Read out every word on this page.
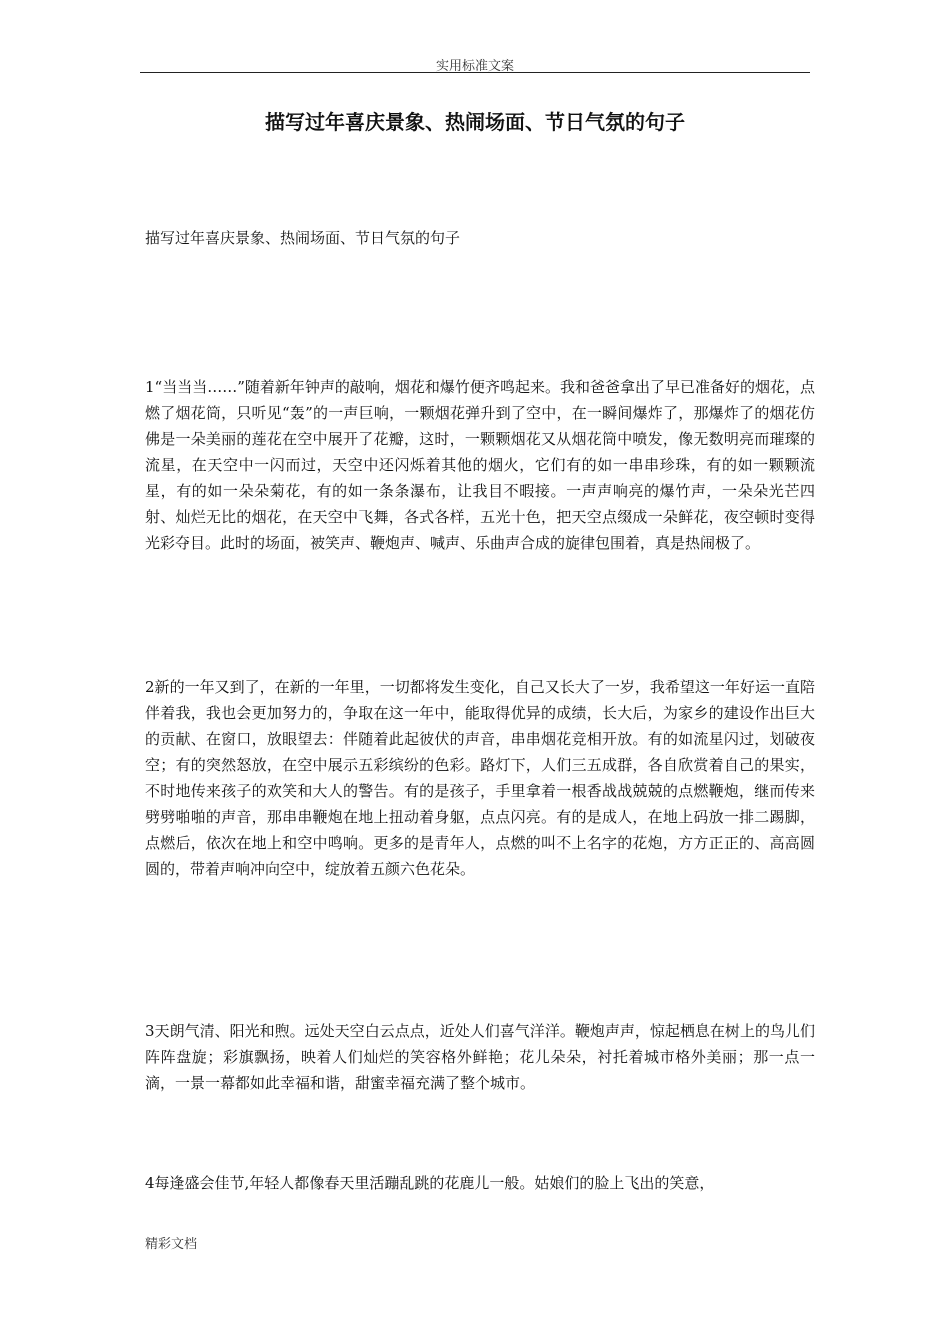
实用标准文案
描写过年喜庆景象、热闹场面、节日气氛的句子

描写过年喜庆景象、热闹场面、节日气氛的句子

1“当当当……”随着新年钟声的敲响，烟花和爆竹便齐鸣起来。我和爸爸拿出了早已准备好的烟花，点燃了烟花筒，只听见“轰”的一声巨响，一颗烟花弹升到了空中，在一瞬间爆炸了，那爆炸了的烟花仿佛是一朵美丽的莲花在空中展开了花瓣，这时，一颗颗烟花又从烟花筒中喷发，像无数明亮而璀璨的流星，在天空中一闪而过，天空中还闪烁着其他的烟火，它们有的如一串串珍珠，有的如一颗颗流星，有的如一朵朵菊花，有的如一条条瀑布，让我目不暇接。一声声响亮的爆竹声，一朵朵光芒四射、灿烂无比的烟花，在天空中飞舞，各式各样，五光十色，把天空点缀成一朵鲜花，夜空顿时变得光彩夺目。此时的场面，被笑声、鞭炮声、喊声、乐曲声合成的旋律包围着，真是热闹极了。

2新的一年又到了，在新的一年里，一切都将发生变化，自己又长大了一岁，我希望这一年好运一直陪伴着我，我也会更加努力的，争取在这一年中，能取得优异的成绩，长大后，为家乡的建设作出巨大的贡献、在窗口，放眼望去：伴随着此起彼伏的声音，串串烟花竞相开放。有的如流星闪过，划破夜空；有的突然怒放，在空中展示五彩缤纷的色彩。路灯下，人们三五成群，各自欣赏着自己的果实，不时地传来孩子的欢笑和大人的警告。有的是孩子，手里拿着一根香战战兢兢的点燃鞭炮，继而传来劈劈啪啪的声音，那串串鞭炮在地上扭动着身躯，点点闪亮。有的是成人，在地上码放一排二踢脚，点燃后，依次在地上和空中鸣响。更多的是青年人，点燃的叫不上名字的花炮，方方正正的、高高圆圆的，带着声响冲向空中，绽放着五颜六色花朵。

3天朗气清、阳光和煦。远处天空白云点点，近处人们喜气洋洋。鞭炮声声，惊起栖息在树上的鸟儿们阵阵盘旋；彩旗飘扬，映着人们灿烂的笑容格外鲜艳；花儿朵朵，衬托着城市格外美丽；那一点一滴，一景一幕都如此幸福和谐，甜蜜幸福充满了整个城市。

4每逢盛会佳节,年轻人都像春天里活蹦乱跳的花鹿儿一般。姑娘们的脸上飞出的笑意，

精彩文档
